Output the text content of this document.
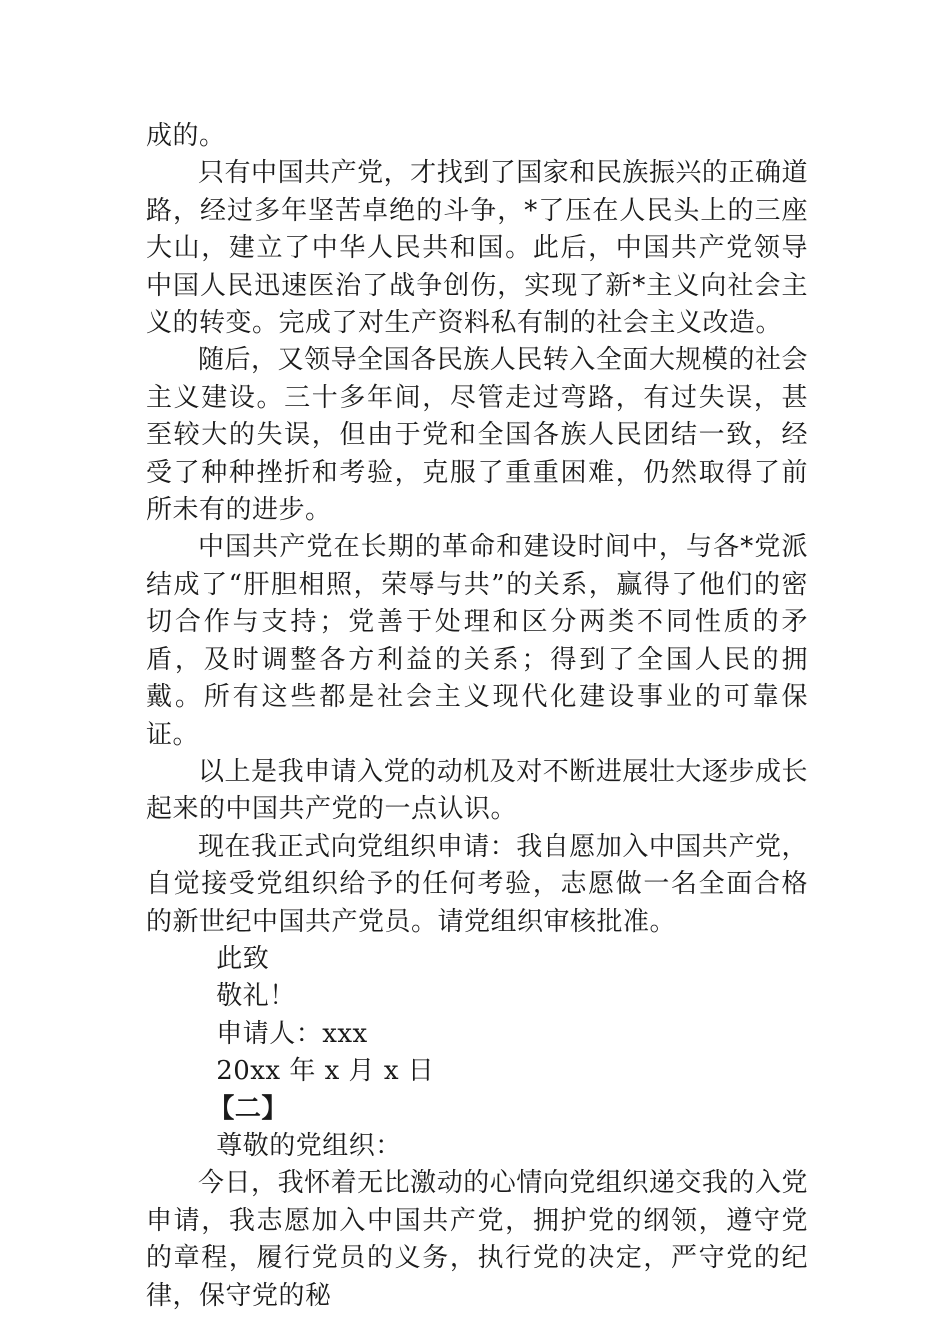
成的。

只有中国共产党，才找到了国家和民族振兴的正确道路，经过多年坚苦卓绝的斗争，*了压在人民头上的三座大山，建立了中华人民共和国。此后，中国共产党领导中国人民迅速医治了战争创伤，实现了新*主义向社会主义的转变。完成了对生产资料私有制的社会主义改造。

随后，又领导全国各民族人民转入全面大规模的社会主义建设。三十多年间，尽管走过弯路，有过失误，甚至较大的失误，但由于党和全国各族人民团结一致，经受了种种挫折和考验，克服了重重困难，仍然取得了前所未有的进步。

中国共产党在长期的革命和建设时间中，与各*党派结成了“肝胆相照，荣辱与共”的关系，赢得了他们的密切合作与支持；党善于处理和区分两类不同性质的矛盾，及时调整各方利益的关系；得到了全国人民的拥戴。所有这些都是社会主义现代化建设事业的可靠保证。

以上是我申请入党的动机及对不断进展壮大逐步成长起来的中国共产党的一点认识。

现在我正式向党组织申请：我自愿加入中国共产党，自觉接受党组织给予的任何考验，志愿做一名全面合格的新世纪中国共产党员。请党组织审核批准。

此致

敬礼！

申请人：xxx

20xx 年 x 月 x 日

【二】

尊敬的党组织：

今日，我怀着无比激动的心情向党组织递交我的入党申请，我志愿加入中国共产党，拥护党的纲领，遵守党的章程，履行党员的义务，执行党的决定，严守党的纪律，保守党的秘
